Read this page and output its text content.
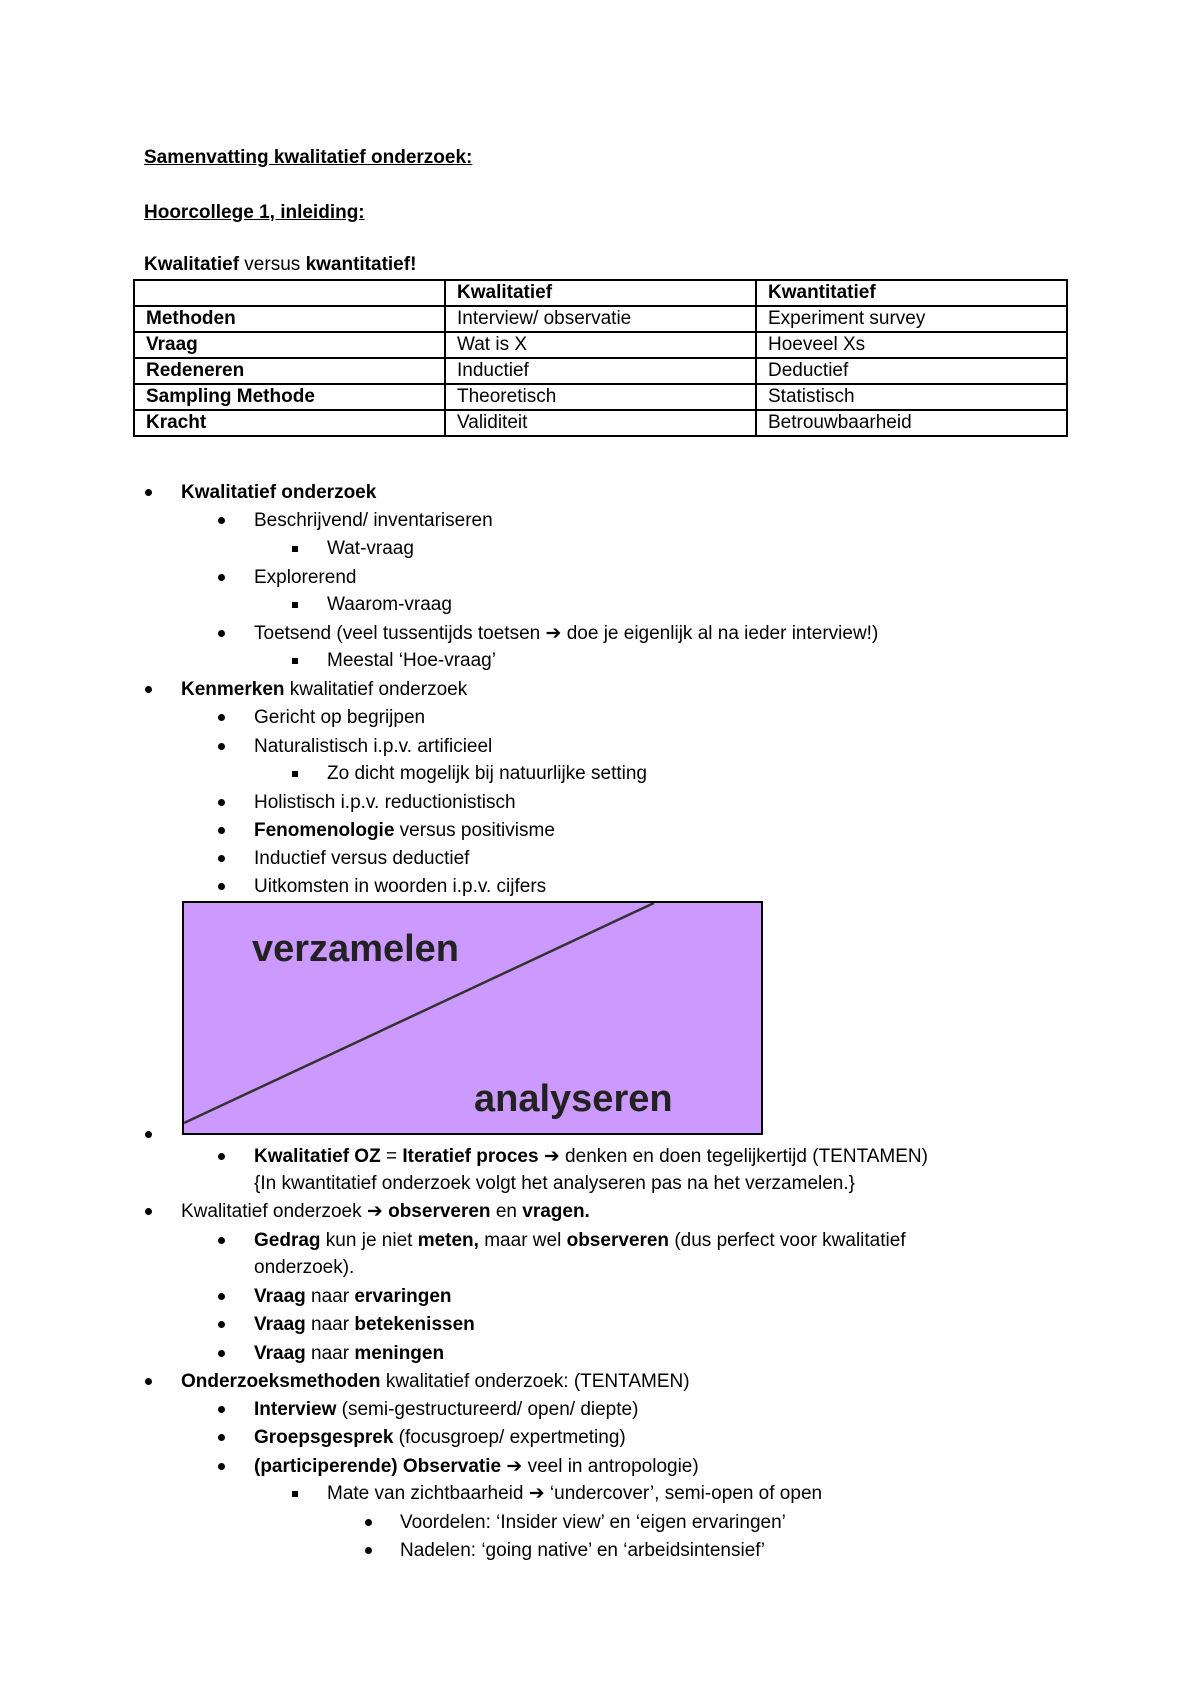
Samenvatting kwalitatief onderzoek:
Hoorcollege 1, inleiding:
Kwalitatief versus kwantitatief!
	Kwalitatief	Kwantitatief
Methoden	Interview/ observatie	Experiment survey
Vraag	Wat is X	Hoeveel Xs
Redeneren	Inductief	Deductief
Sampling Methode	Theoretisch	Statistisch
Kracht	Validiteit	Betrouwbaarheid
Kwalitatief onderzoek
Beschrijvend/ inventariseren
Wat-vraag
Explorerend
Waarom-vraag
Toetsend (veel tussentijds toetsen ➔ doe je eigenlijk al na ieder interview!)
Meestal ‘Hoe-vraag’
Kenmerken kwalitatief onderzoek
Gericht op begrijpen
Naturalistisch i.p.v. artificieel
Zo dicht mogelijk bij natuurlijke setting
Holistisch i.p.v. reductionistisch
Fenomenologie versus positivisme
Inductief versus deductief
Uitkomsten in woorden i.p.v. cijfers
verzamelen
analyseren
Kwalitatief OZ = Iteratief proces ➔ denken en doen tegelijkertijd (TENTAMEN)
{In kwantitatief onderzoek volgt het analyseren pas na het verzamelen.}
Kwalitatief onderzoek ➔ observeren en vragen.
Gedrag kun je niet meten, maar wel observeren (dus perfect voor kwalitatief
onderzoek).
Vraag naar ervaringen
Vraag naar betekenissen
Vraag naar meningen
Onderzoeksmethoden kwalitatief onderzoek: (TENTAMEN)
Interview (semi-gestructureerd/ open/ diepte)
Groepsgesprek (focusgroep/ expertmeting)
(participerende) Observatie ➔ veel in antropologie)
Mate van zichtbaarheid ➔ ‘undercover’, semi-open of open
Voordelen: ‘Insider view’ en ‘eigen ervaringen’
Nadelen: ‘going native’ en ‘arbeidsintensief’
